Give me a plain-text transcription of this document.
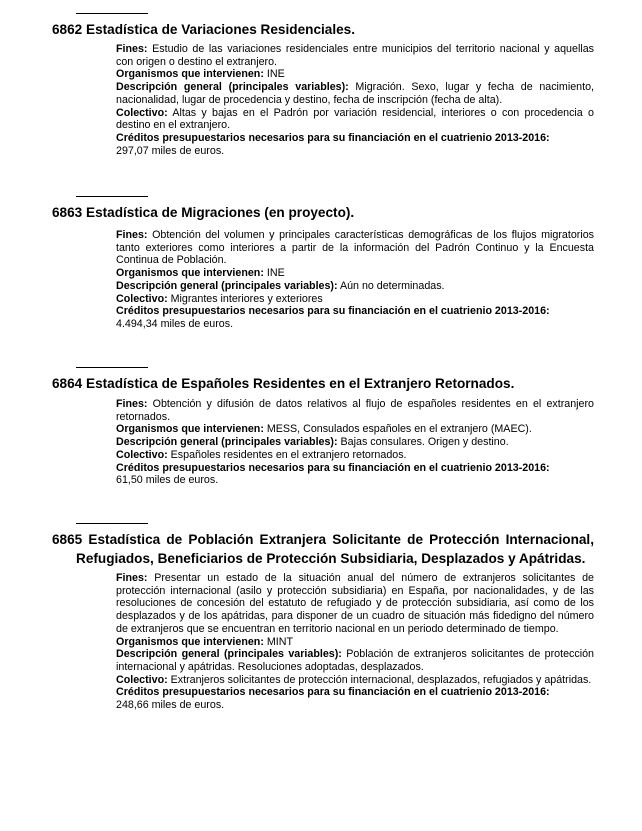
6862 Estadística de Variaciones Residenciales.

Fines: Estudio de las variaciones residenciales entre municipios del territorio nacional y aquellas con origen o destino el extranjero.

Organismos que intervienen: INE

Descripción general (principales variables): Migración. Sexo, lugar y fecha de nacimiento, nacionalidad, lugar de procedencia y destino, fecha de inscripción (fecha de alta).

Colectivo: Altas y bajas en el Padrón por variación residencial, interiores o con procedencia o destino en el extranjero.

Créditos presupuestarios necesarios para su financiación en el cuatrienio 2013-2016:

297,07 miles de euros.

6863 Estadística de Migraciones (en proyecto).

Fines: Obtención del volumen y principales características demográficas de los flujos migratorios tanto exteriores como interiores a partir de la información del Padrón Continuo y la Encuesta Continua de Población.

Organismos que intervienen: INE

Descripción general (principales variables): Aún no determinadas.

Colectivo: Migrantes interiores y exteriores

Créditos presupuestarios necesarios para su financiación en el cuatrienio 2013-2016:

4.494,34 miles de euros.

6864 Estadística de Españoles Residentes en el Extranjero Retornados.

Fines: Obtención y difusión de datos relativos al flujo de españoles residentes en el extranjero retornados.

Organismos que intervienen: MESS, Consulados españoles en el extranjero (MAEC).

Descripción general (principales variables): Bajas consulares. Origen y destino.

Colectivo: Españoles residentes en el extranjero retornados.

Créditos presupuestarios necesarios para su financiación en el cuatrienio 2013-2016:

61,50 miles de euros.

6865 Estadística de Población Extranjera Solicitante de Protección Internacional, Refugiados, Beneficiarios de Protección Subsidiaria, Desplazados y Apátridas.

Fines: Presentar un estado de la situación anual del número de extranjeros solicitantes de protección internacional (asilo y protección subsidiaria) en España, por nacionalidades, y de las resoluciones de concesión del estatuto de refugiado y de protección subsidiaria, así como de los desplazados y de los apátridas, para disponer de un cuadro de situación más fidedigno del número de extranjeros que se encuentran en territorio nacional en un periodo determinado de tiempo.

Organismos que intervienen: MINT

Descripción general (principales variables): Población de extranjeros solicitantes de protección internacional y apátridas. Resoluciones adoptadas, desplazados.

Colectivo: Extranjeros solicitantes de protección internacional, desplazados, refugiados y apátridas.

Créditos presupuestarios necesarios para su financiación en el cuatrienio 2013-2016:

248,66 miles de euros.
